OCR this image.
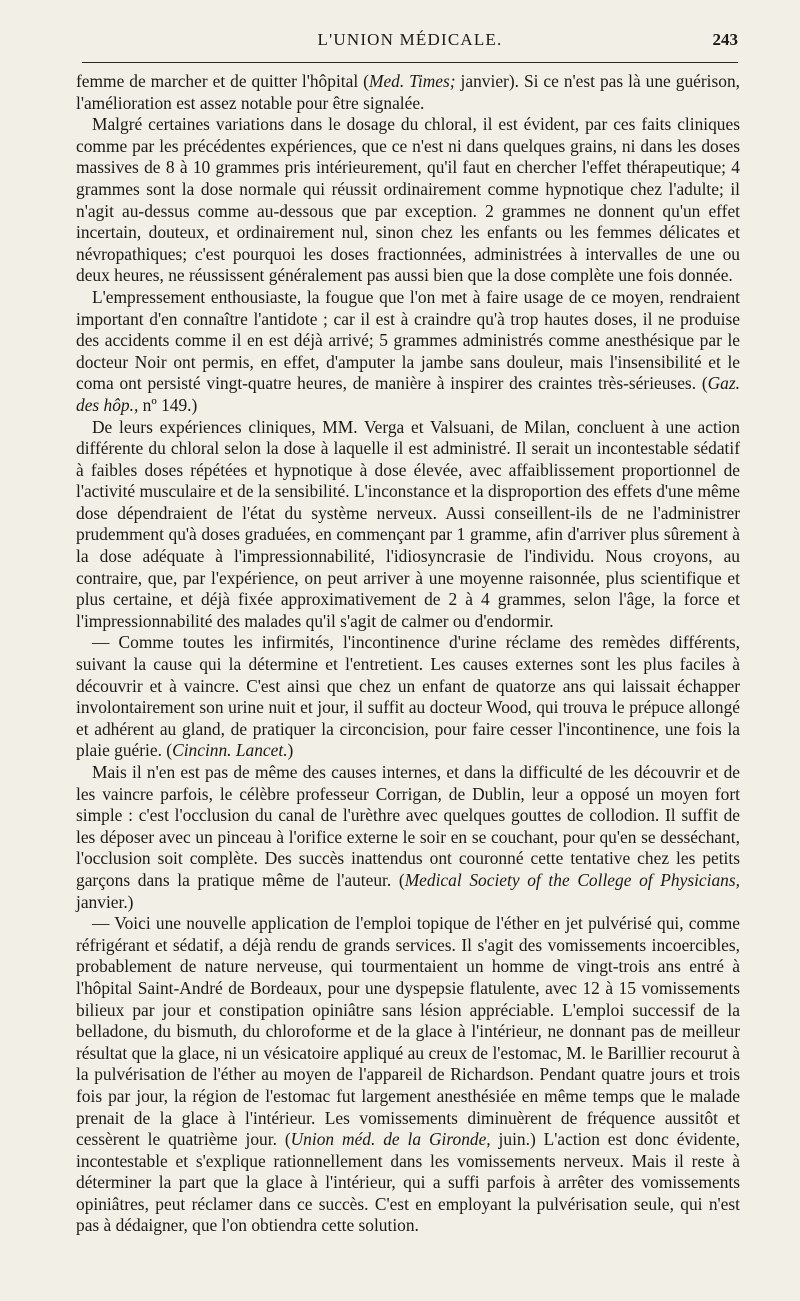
L'UNION MÉDICALE.	243

femme de marcher et de quitter l'hôpital (Med. Times; janvier). Si ce n'est pas là une guérison, l'amélioration est assez notable pour être signalée.

Malgré certaines variations dans le dosage du chloral, il est évident, par ces faits cliniques comme par les précédentes expériences, que ce n'est ni dans quelques grains, ni dans les doses massives de 8 à 10 grammes pris intérieurement, qu'il faut en chercher l'effet thérapeutique; 4 grammes sont la dose normale qui réussit ordinairement comme hypnotique chez l'adulte; il n'agit au-dessus comme au-dessous que par exception. 2 grammes ne donnent qu'un effet incertain, douteux, et ordinairement nul, sinon chez les enfants ou les femmes délicates et névropathiques; c'est pourquoi les doses fractionnées, administrées à intervalles de une ou deux heures, ne réussissent généralement pas aussi bien que la dose complète une fois donnée.

L'empressement enthousiaste, la fougue que l'on met à faire usage de ce moyen, rendraient important d'en connaître l'antidote ; car il est à craindre qu'à trop hautes doses, il ne produise des accidents comme il en est déjà arrivé; 5 grammes administrés comme anesthésique par le docteur Noir ont permis, en effet, d'amputer la jambe sans douleur, mais l'insensibilité et le coma ont persisté vingt-quatre heures, de manière à inspirer des craintes très-sérieuses. (Gaz. des hôp., nº 149.)

De leurs expériences cliniques, MM. Verga et Valsuani, de Milan, concluent à une action différente du chloral selon la dose à laquelle il est administré. Il serait un incontestable sédatif à faibles doses répétées et hypnotique à dose élevée, avec affaiblissement proportionnel de l'activité musculaire et de la sensibilité. L'inconstance et la disproportion des effets d'une même dose dépendraient de l'état du système nerveux. Aussi conseillent-ils de ne l'administrer prudemment qu'à doses graduées, en commençant par 1 gramme, afin d'arriver plus sûrement à la dose adéquate à l'impressionnabilité, l'idiosyncrasie de l'individu. Nous croyons, au contraire, que, par l'expérience, on peut arriver à une moyenne raisonnée, plus scientifique et plus certaine, et déjà fixée approximativement de 2 à 4 grammes, selon l'âge, la force et l'impressionnabilité des malades qu'il s'agit de calmer ou d'endormir.

— Comme toutes les infirmités, l'incontinence d'urine réclame des remèdes différents, suivant la cause qui la détermine et l'entretient. Les causes externes sont les plus faciles à découvrir et à vaincre. C'est ainsi que chez un enfant de quatorze ans qui laissait échapper involontairement son urine nuit et jour, il suffit au docteur Wood, qui trouva le prépuce allongé et adhérent au gland, de pratiquer la circoncision, pour faire cesser l'incontinence, une fois la plaie guérie. (Cincinn. Lancet.)

Mais il n'en est pas de même des causes internes, et dans la difficulté de les découvrir et de les vaincre parfois, le célèbre professeur Corrigan, de Dublin, leur a opposé un moyen fort simple : c'est l'occlusion du canal de l'urèthre avec quelques gouttes de collodion. Il suffit de les déposer avec un pinceau à l'orifice externe le soir en se couchant, pour qu'en se desséchant, l'occlusion soit complète. Des succès inattendus ont couronné cette tentative chez les petits garçons dans la pratique même de l'auteur. (Medical Society of the College of Physicians, janvier.)

— Voici une nouvelle application de l'emploi topique de l'éther en jet pulvérisé qui, comme réfrigérant et sédatif, a déjà rendu de grands services. Il s'agit des vomissements incoercibles, probablement de nature nerveuse, qui tourmentaient un homme de vingt-trois ans entré à l'hôpital Saint-André de Bordeaux, pour une dyspepsie flatulente, avec 12 à 15 vomissements bilieux par jour et constipation opiniâtre sans lésion appréciable. L'emploi successif de la belladone, du bismuth, du chloroforme et de la glace à l'intérieur, ne donnant pas de meilleur résultat que la glace, ni un vésicatoire appliqué au creux de l'estomac, M. le Barillier recourut à la pulvérisation de l'éther au moyen de l'appareil de Richardson. Pendant quatre jours et trois fois par jour, la région de l'estomac fut largement anesthésiée en même temps que le malade prenait de la glace à l'intérieur. Les vomissements diminuèrent de fréquence aussitôt et cessèrent le quatrième jour. (Union méd. de la Gironde, juin.) L'action est donc évidente, incontestable et s'explique rationnellement dans les vomissements nerveux. Mais il reste à déterminer la part que la glace à l'intérieur, qui a suffi parfois à arrêter des vomissements opiniâtres, peut réclamer dans ce succès. C'est en employant la pulvérisation seule, qui n'est pas à dédaigner, que l'on obtiendra cette solution.
